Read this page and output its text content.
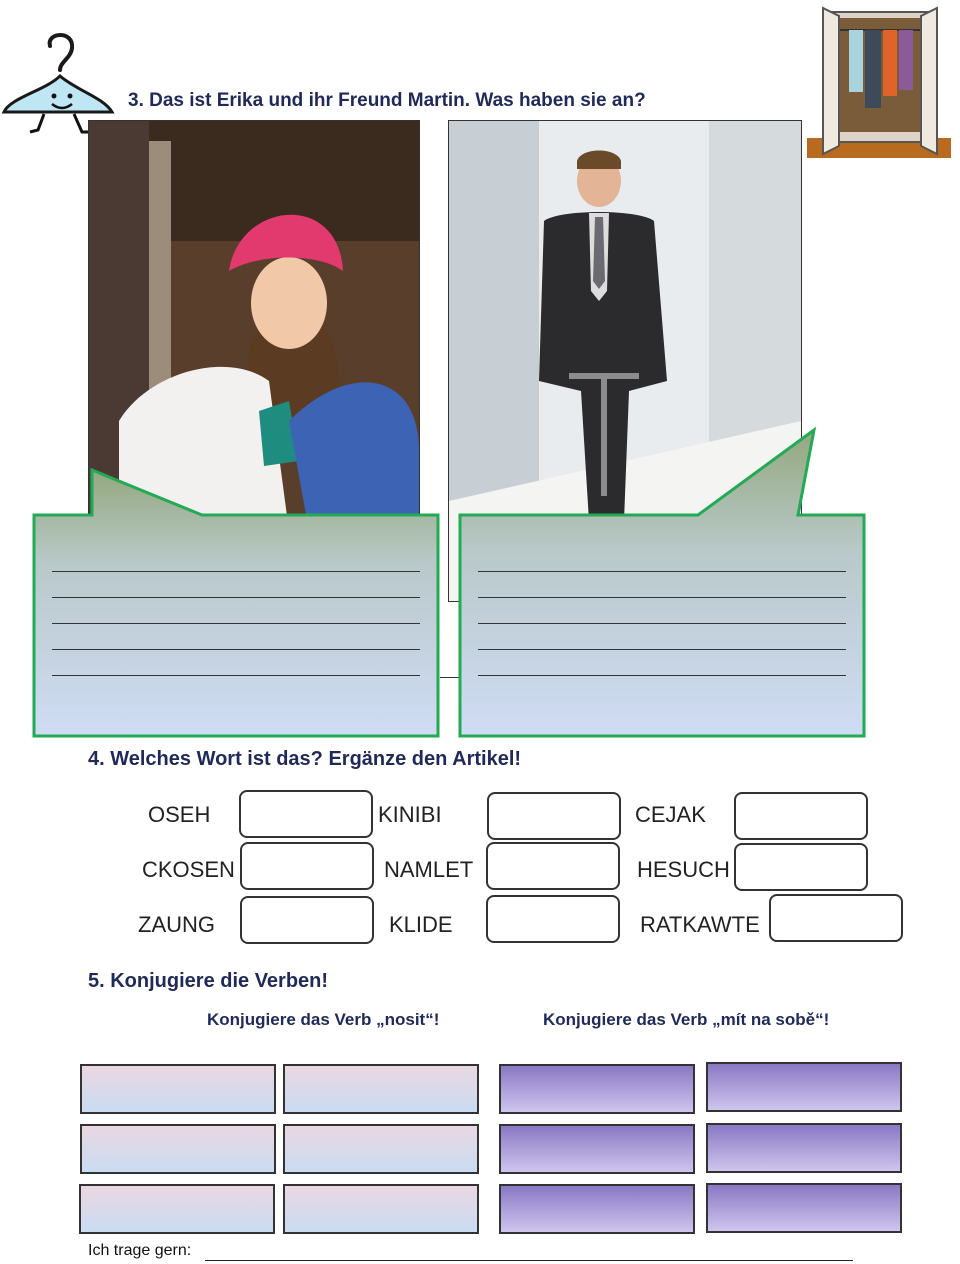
3. Das ist Erika und ihr Freund Martin. Was haben sie an?
4. Welches Wort ist das? Ergänze den Artikel!
OSEH	KINIBI	CEJAK
CKOSEN	NAMLET	HESUCH
ZAUNG	KLIDE	RATKAWTE
5. Konjugiere die Verben!
Konjugiere das Verb „nosit“!	Konjugiere das Verb „mít na sobě“!
Ich trage gern:
